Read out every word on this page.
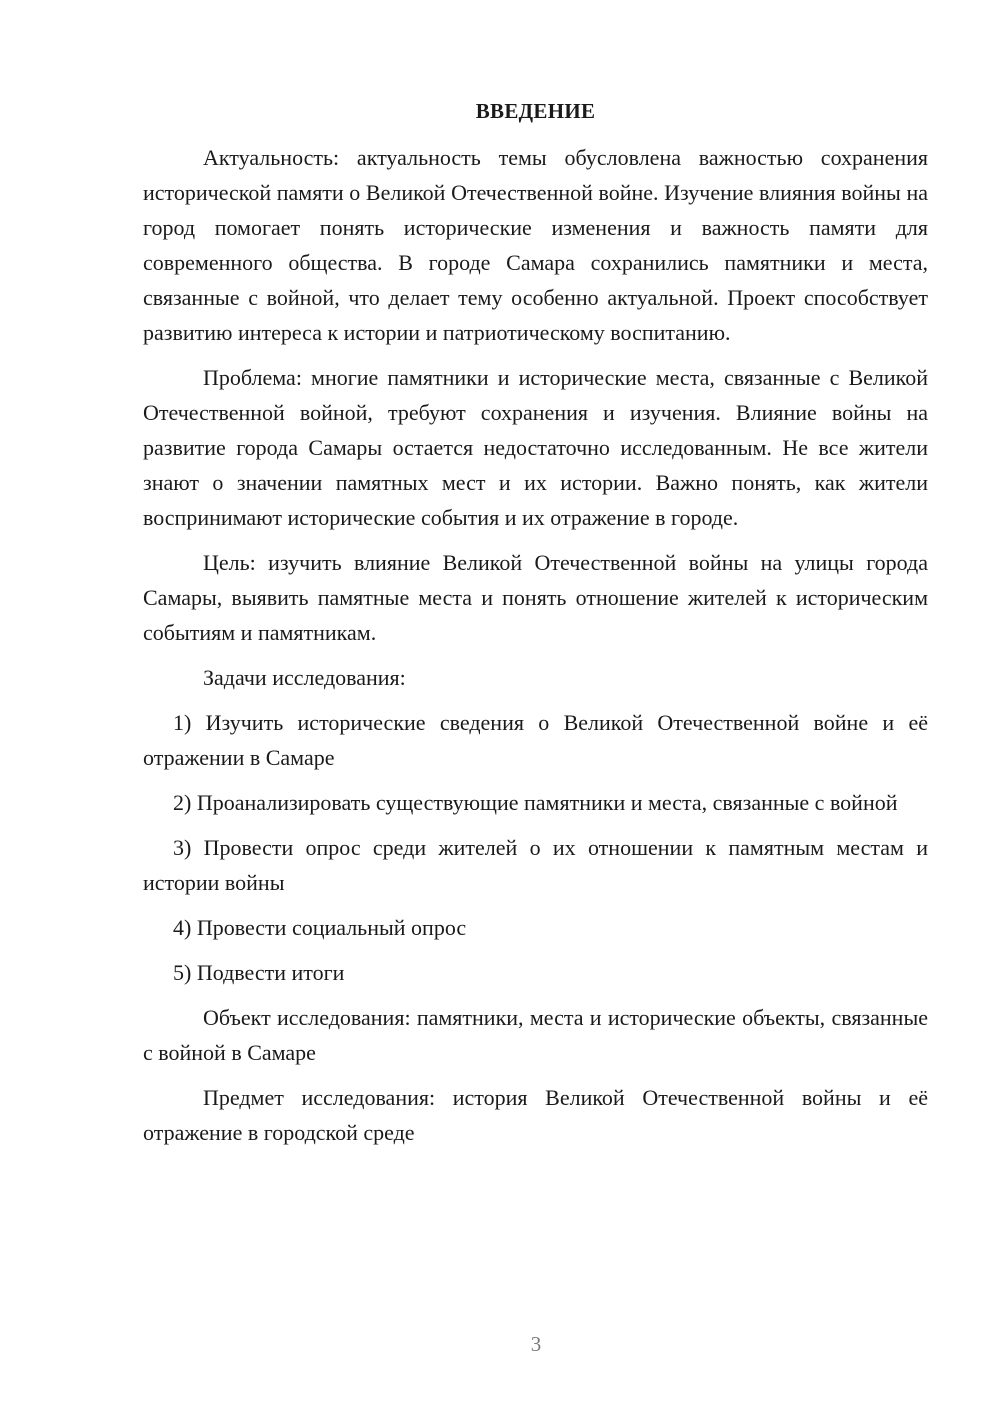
ВВЕДЕНИЕ

Актуальность: актуальность темы обусловлена важностью сохранения исторической памяти о Великой Отечественной войне. Изучение влияния войны на город помогает понять исторические изменения и важность памяти для современного общества. В городе Самара сохранились памятники и места, связанные с войной, что делает тему особенно актуальной. Проект способствует развитию интереса к истории и патриотическому воспитанию.

Проблема: многие памятники и исторические места, связанные с Великой Отечественной войной, требуют сохранения и изучения. Влияние войны на развитие города Самары остается недостаточно исследованным. Не все жители знают о значении памятных мест и их истории. Важно понять, как жители воспринимают исторические события и их отражение в городе.

Цель: изучить влияние Великой Отечественной войны на улицы города Самары, выявить памятные места и понять отношение жителей к историческим событиям и памятникам.

Задачи исследования:

1) Изучить исторические сведения о Великой Отечественной войне и её отражении в Самаре

2) Проанализировать существующие памятники и места, связанные с войной

3) Провести опрос среди жителей о их отношении к памятным местам и истории войны

4) Провести социальный опрос

5) Подвести итоги

Объект исследования: памятники, места и исторические объекты, связанные с войной в Самаре

Предмет исследования: история Великой Отечественной войны и её отражение в городской среде

3
